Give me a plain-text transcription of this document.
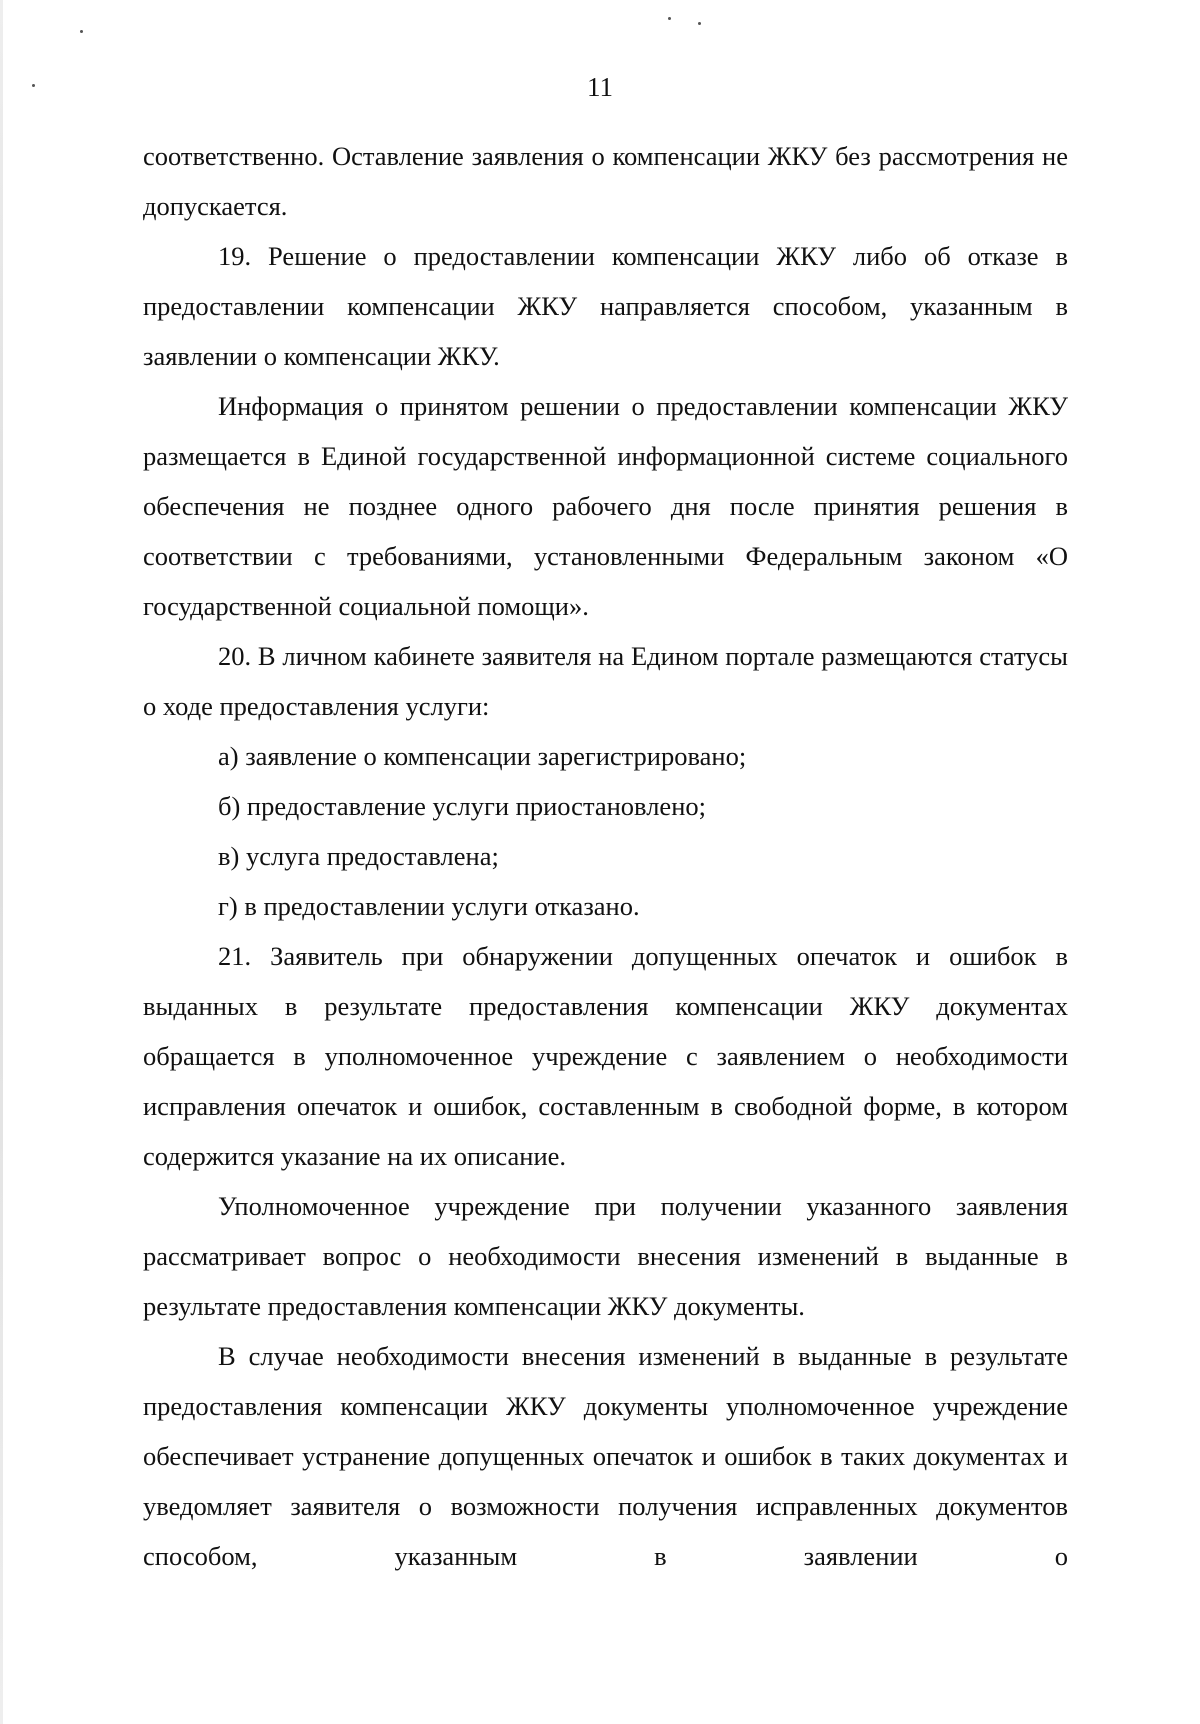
11

соответственно. Оставление заявления о компенсации ЖКУ без рассмотрения не допускается.

19. Решение о предоставлении компенсации ЖКУ либо об отказе в предоставлении компенсации ЖКУ направляется способом, указанным в заявлении о компенсации ЖКУ.

Информация о принятом решении о предоставлении компенсации ЖКУ размещается в Единой государственной информационной системе социального обеспечения не позднее одного рабочего дня после принятия решения в соответствии с требованиями, установленными Федеральным законом «О государственной социальной помощи».

20. В личном кабинете заявителя на Едином портале размещаются статусы о ходе предоставления услуги:

а) заявление о компенсации зарегистрировано;

б) предоставление услуги приостановлено;

в) услуга предоставлена;

г) в предоставлении услуги отказано.

21. Заявитель при обнаружении допущенных опечаток и ошибок в выданных в результате предоставления компенсации ЖКУ документах обращается в уполномоченное учреждение с заявлением о необходимости исправления опечаток и ошибок, составленным в свободной форме, в котором содержится указание на их описание.

Уполномоченное учреждение при получении указанного заявления рассматривает вопрос о необходимости внесения изменений в выданные в результате предоставления компенсации ЖКУ документы.

В случае необходимости внесения изменений в выданные в результате предоставления компенсации ЖКУ документы уполномоченное учреждение обеспечивает устранение допущенных опечаток и ошибок в таких документах и уведомляет заявителя о возможности получения исправленных документов способом, указанным в заявлении о
